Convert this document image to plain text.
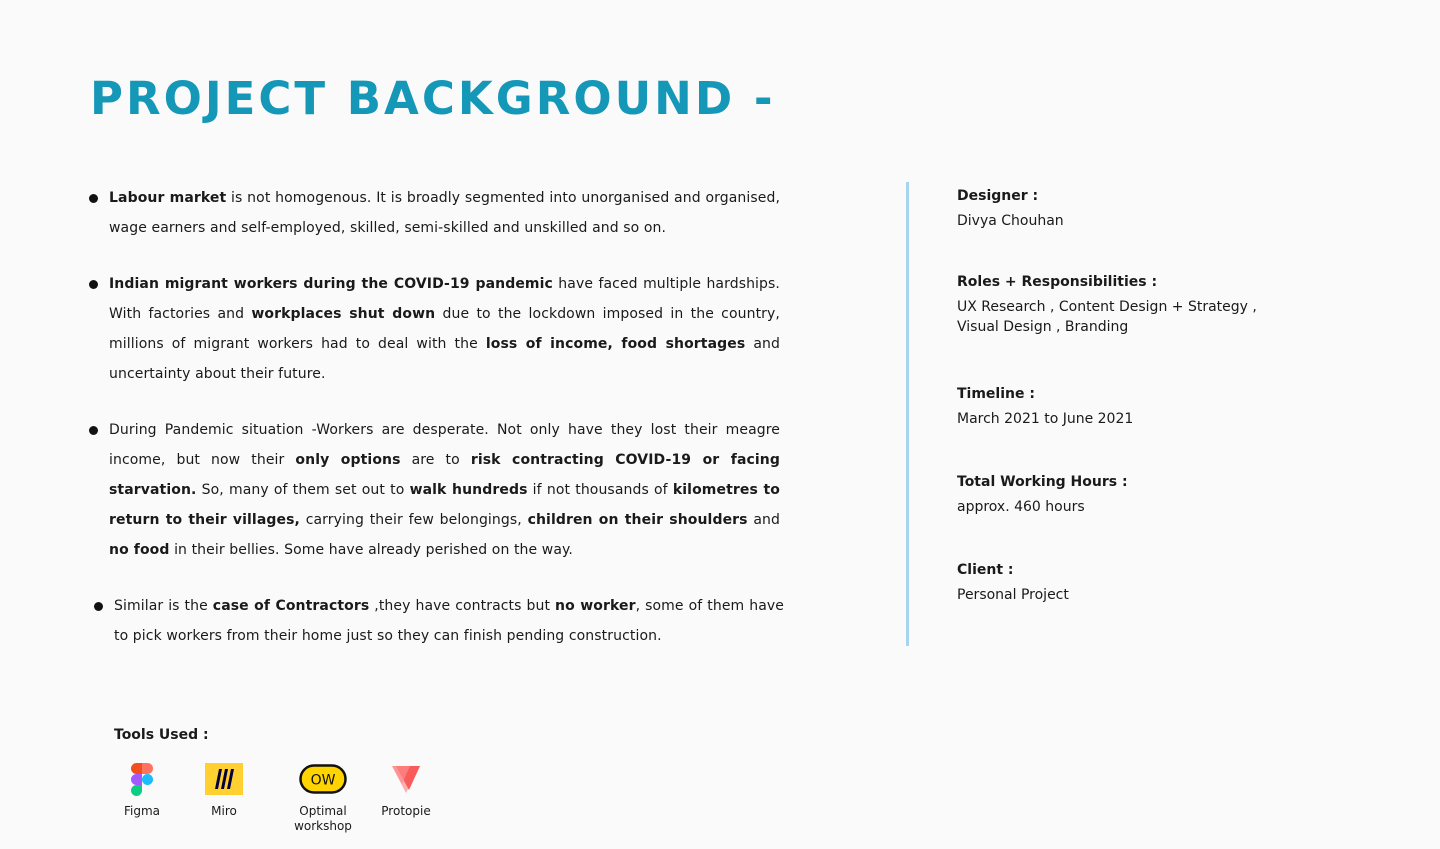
PROJECT BACKGROUND -
Labour market is not homogenous. It is broadly segmented into unorganised and organised, wage earners and self-employed, skilled, semi-skilled and unskilled and so on.
Indian migrant workers during the COVID-19 pandemic have faced multiple hardships. With factories and workplaces shut down due to the lockdown imposed in the country, millions of migrant workers had to deal with the loss of income, food shortages and uncertainty about their future.
During Pandemic situation -Workers are desperate. Not only have they lost their meagre income, but now their only options are to risk contracting COVID-19 or facing starvation. So, many of them set out to walk hundreds if not thousands of kilometres to return to their villages, carrying their few belongings, children on their shoulders and no food in their bellies. Some have already perished on the way.
Similar is the case of Contractors ,they have contracts but no worker, some of them have to pick workers from their home just so they can finish pending construction.
Designer :
Divya Chouhan
Roles + Responsibilities :
UX Research , Content Design + Strategy ,
Visual Design , Branding
Timeline :
March 2021 to June 2021
Total Working Hours :
approx. 460 hours
Client :
Personal Project
Tools Used :
Figma	Miro
OW
Optimal
workshop
Protopie
